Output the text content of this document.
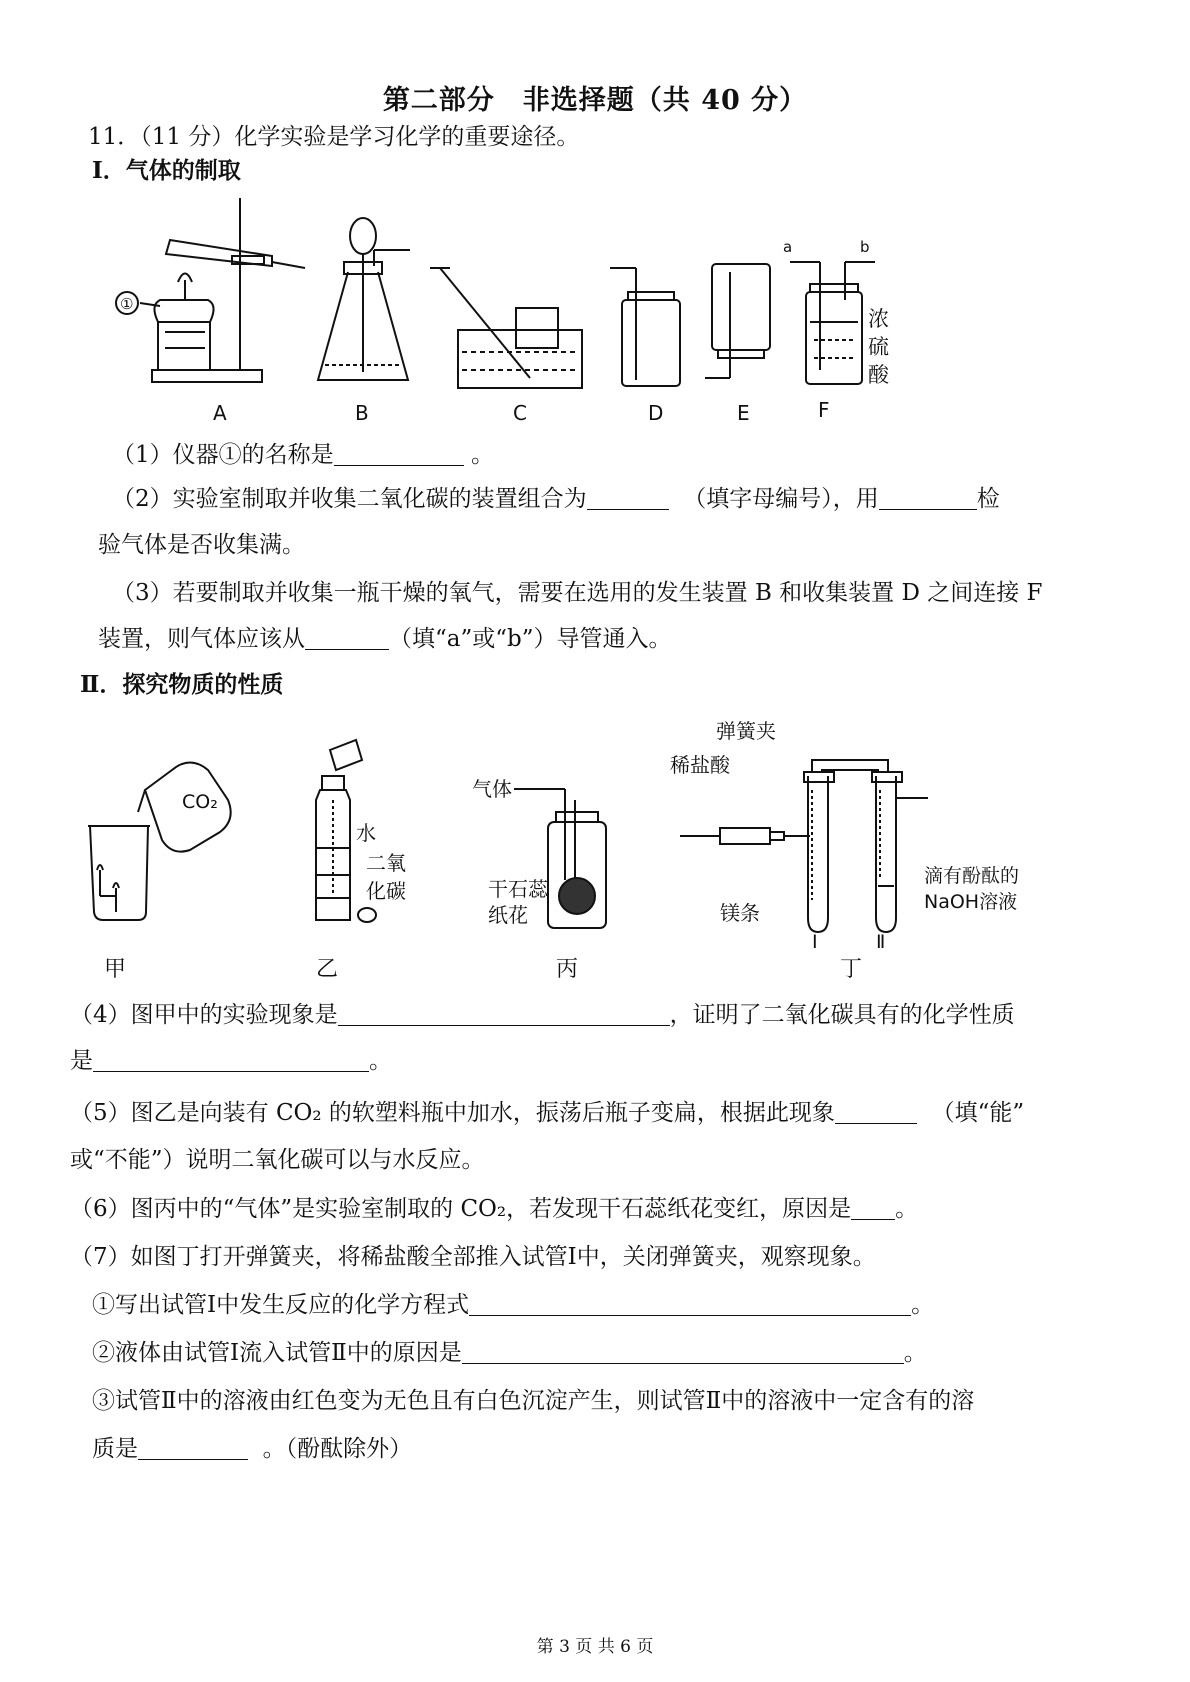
第二部分　非选择题（共 40 分）
11．（11 分）化学实验是学习化学的重要途径。
Ⅰ．气体的制取
①
a	b
浓
硫
酸
A	B	C	D	E	F
（1）仪器①的名称是	。
（2）实验室制取并收集二氧化碳的装置组合为	（填字母编号），用	检
验气体是否收集满。
（3）若要制取并收集一瓶干燥的氧气，需要在选用的发生装置 B 和收集装置 D 之间连接 F
装置，则气体应该从	（填“a”或“b”）导管通入。
Ⅱ．探究物质的性质
CO₂
水
二氧
化碳
气体
干石蕊
纸花
弹簧夹
稀盐酸
镁条
Ⅰ	Ⅱ
滴有酚酞的
NaOH溶液
甲	乙	丙	丁
（4）图甲中的实验现象是	，证明了二氧化碳具有的化学性质
是	。
（5）图乙是向装有 CO₂ 的软塑料瓶中加水，振荡后瓶子变扁，根据此现象	（填“能”
或“不能”）说明二氧化碳可以与水反应。
（6）图丙中的“气体”是实验室制取的 CO₂，若发现干石蕊纸花变红，原因是 。
（7）如图丁打开弹簧夹，将稀盐酸全部推入试管Ⅰ中，关闭弹簧夹，观察现象。
①写出试管Ⅰ中发生反应的化学方程式	。
②液体由试管Ⅰ流入试管Ⅱ中的原因是	。
③试管Ⅱ中的溶液由红色变为无色且有白色沉淀产生，则试管Ⅱ中的溶液中一定含有的溶
质是	。（酚酞除外）
第 3 页 共 6 页
